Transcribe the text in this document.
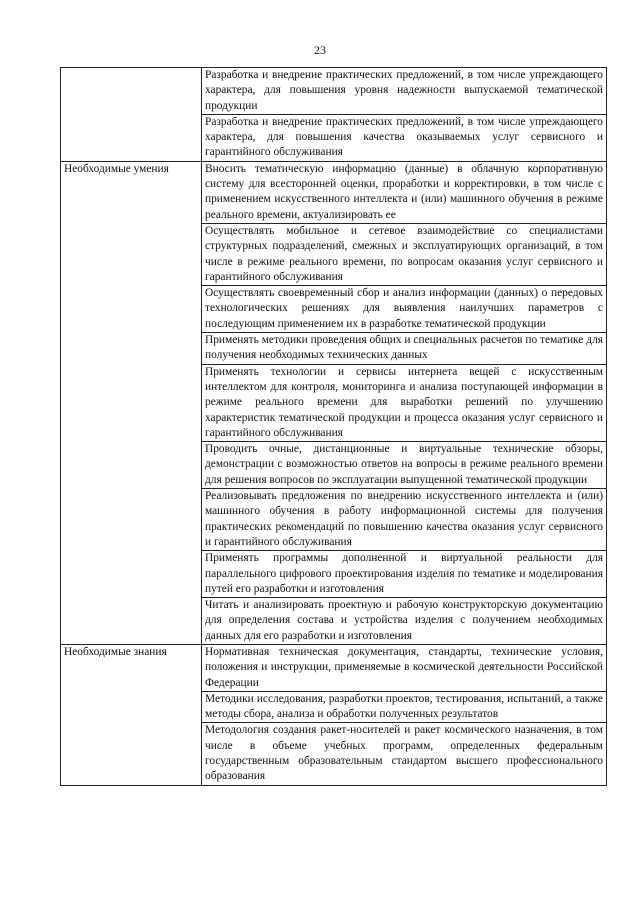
23
	Разработка и внедрение практических предложений, в том числе упреждающего характера, для повышения уровня надежности выпускаемой тематической продукции
	Разработка и внедрение практических предложений, в том числе упреждающего характера, для повышения качества оказываемых услуг сервисного и гарантийного обслуживания
Необходимые умения	Вносить тематическую информацию (данные) в облачную корпоративную систему для всесторонней оценки, проработки и корректировки, в том числе с применением искусственного интеллекта и (или) машинного обучения в режиме реального времени, актуализировать ее
	Осуществлять мобильное и сетевое взаимодействие со специалистами структурных подразделений, смежных и эксплуатирующих организаций, в том числе в режиме реального времени, по вопросам оказания услуг сервисного и гарантийного обслуживания
	Осуществлять своевременный сбор и анализ информации (данных) о передовых технологических решениях для выявления наилучших параметров с последующим применением их в разработке тематической продукции
	Применять методики проведения общих и специальных расчетов по тематике для получения необходимых технических данных
	Применять технологии и сервисы интернета вещей с искусственным интеллектом для контроля, мониторинга и анализа поступающей информации в режиме реального времени для выработки решений по улучшению характеристик тематической продукции и процесса оказания услуг сервисного и гарантийного обслуживания
	Проводить очные, дистанционные и виртуальные технические обзоры, демонстрации с возможностью ответов на вопросы в режиме реального времени для решения вопросов по эксплуатации выпущенной тематической продукции
	Реализовывать предложения по внедрению искусственного интеллекта и (или) машинного обучения в работу информационной системы для получения практических рекомендаций по повышению качества оказания услуг сервисного и гарантийного обслуживания
	Применять программы дополненной и виртуальной реальности для параллельного цифрового проектирования изделия по тематике и моделирования путей его разработки и изготовления
	Читать и анализировать проектную и рабочую конструкторскую документацию для определения состава и устройства изделия с получением необходимых данных для его разработки и изготовления
Необходимые знания	Нормативная техническая документация, стандарты, технические условия, положения и инструкции, применяемые в космической деятельности Российской Федерации
	Методики исследования, разработки проектов, тестирования, испытаний, а также методы сбора, анализа и обработки полученных результатов
	Методология создания ракет-носителей и ракет космического назначения, в том числе в объеме учебных программ, определенных федеральным государственным образовательным стандартом высшего профессионального образования
